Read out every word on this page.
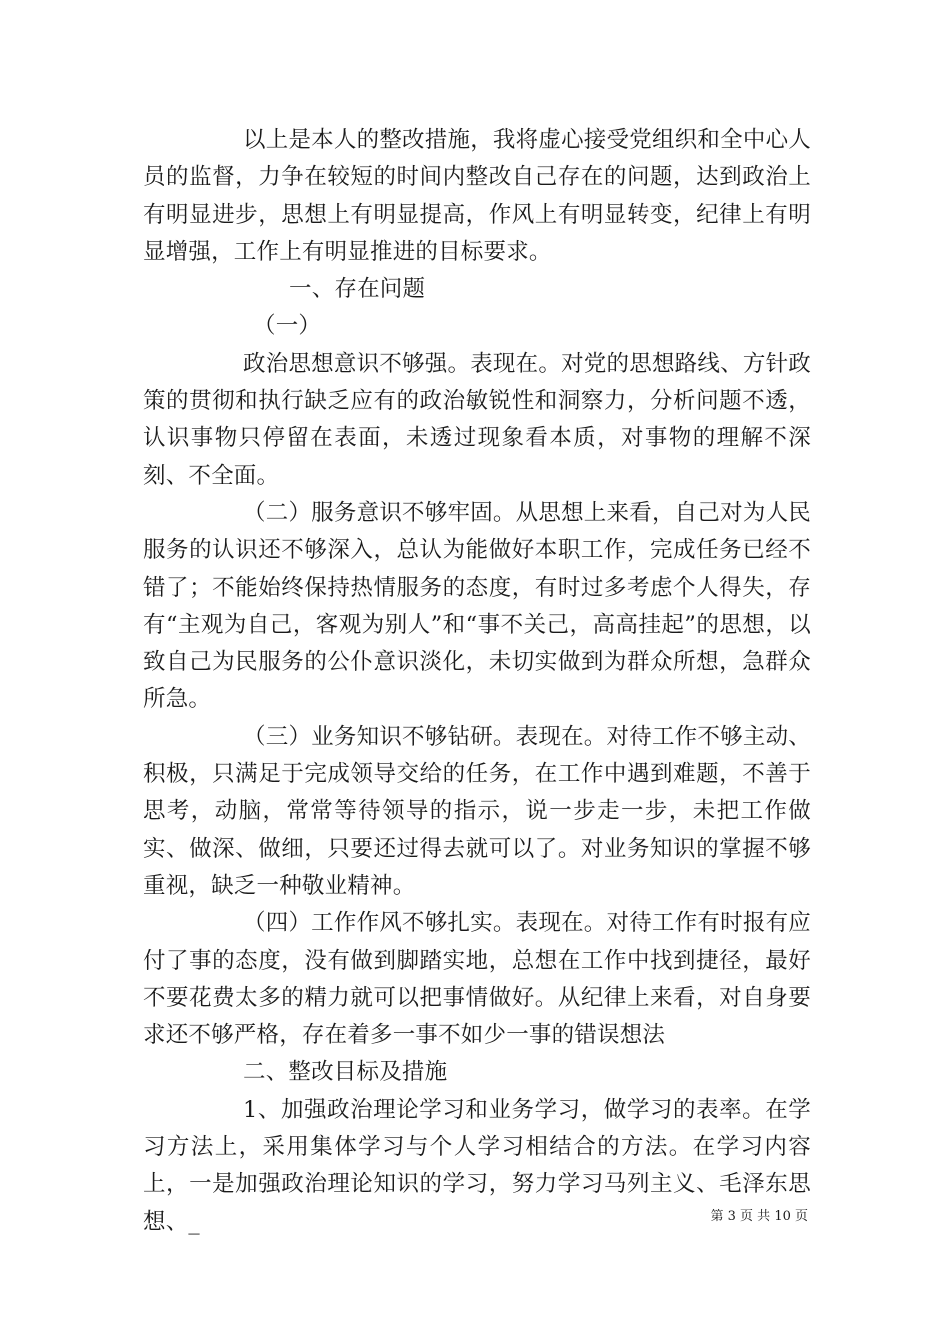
以上是本人的整改措施，我将虚心接受党组织和全中心人员的监督，力争在较短的时间内整改自己存在的问题，达到政治上有明显进步，思想上有明显提高，作风上有明显转变，纪律上有明显增强，工作上有明显推进的目标要求。

一、存在问题

（一）

政治思想意识不够强。表现在。对党的思想路线、方针政策的贯彻和执行缺乏应有的政治敏锐性和洞察力，分析问题不透，认识事物只停留在表面，未透过现象看本质，对事物的理解不深刻、不全面。

（二）服务意识不够牢固。从思想上来看，自己对为人民服务的认识还不够深入，总认为能做好本职工作，完成任务已经不错了；不能始终保持热情服务的态度，有时过多考虑个人得失，存有“主观为自己，客观为别人”和“事不关己，高高挂起”的思想，以致自己为民服务的公仆意识淡化，未切实做到为群众所想，急群众所急。

（三）业务知识不够钻研。表现在。对待工作不够主动、积极，只满足于完成领导交给的任务，在工作中遇到难题，不善于思考，动脑，常常等待领导的指示，说一步走一步，未把工作做实、做深、做细，只要还过得去就可以了。对业务知识的掌握不够重视，缺乏一种敬业精神。

（四）工作作风不够扎实。表现在。对待工作有时报有应付了事的态度，没有做到脚踏实地，总想在工作中找到捷径，最好不要花费太多的精力就可以把事情做好。从纪律上来看，对自身要求还不够严格，存在着多一事不如少一事的错误想法

二、整改目标及措施

1、加强政治理论学习和业务学习，做学习的表率。在学习方法上，采用集体学习与个人学习相结合的方法。在学习内容上，一是加强政治理论知识的学习，努力学习马列主义、毛泽东思想、_	第 3 页 共 10 页
